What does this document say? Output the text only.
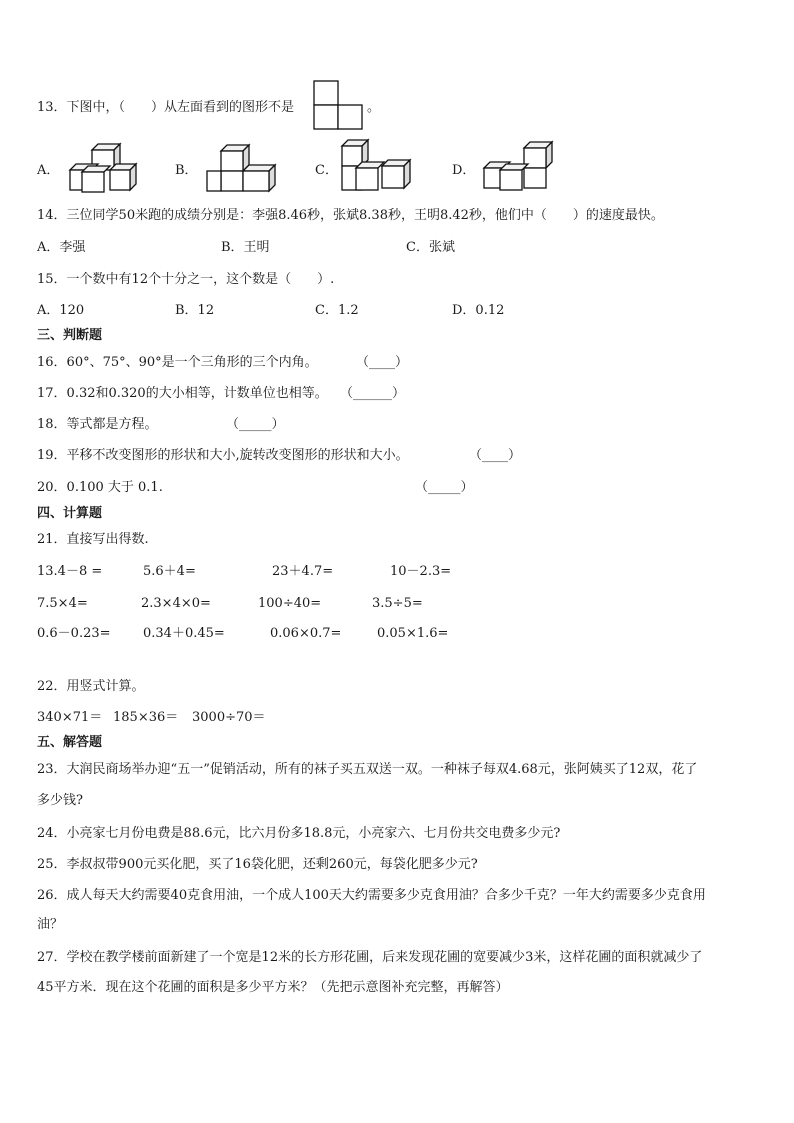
13．下图中，（　　）从左面看到的图形不是	。
A．	B．	C．	D．
14．三位同学50米跑的成绩分别是：李强8.46秒，张斌8.38秒，王明8.42秒，他们中（　　）的速度最快。
A．李强	B．王明	C．张斌
15．一个数中有12个十分之一，这个数是（　　）.
A．120	B．12	C．1.2	D．0.12
三、判断题
16．60°、75°、90°是一个三角形的三个内角。	（____）
17．0.32和0.320的大小相等，计数单位也相等。 （______）
18．等式都是方程。	（_____）
19．平移不改变图形的形状和大小,旋转改变图形的形状和大小。	（____）
20．0.100 大于 0.1.	（_____）
四、计算题
21．直接写出得数.
13.4－8 =	5.6＋4=	23＋4.7=	10－2.3=
7.5×4=	2.3×4×0=	100÷40=	3.5÷5=
0.6－0.23= 0.34＋0.45=	0.06×0.7=	0.05×1.6=
22．用竖式计算。
340×71＝ 185×36＝ 3000÷70＝
五、解答题
23．大润民商场举办迎“五一”促销活动，所有的袜子买五双送一双。一种袜子每双4.68元，张阿姨买了12双，花了
多少钱?
24．小亮家七月份电费是88.6元，比六月份多18.8元，小亮家六、七月份共交电费多少元?
25．李叔叔带900元买化肥，买了16袋化肥，还剩260元，每袋化肥多少元?
26．成人每天大约需要40克食用油，一个成人100天大约需要多少克食用油？合多少千克？一年大约需要多少克食用
油？
27．学校在教学楼前面新建了一个宽是12米的长方形花圃，后来发现花圃的宽要减少3米，这样花圃的面积就减少了
45平方米．现在这个花圃的面积是多少平方米？（先把示意图补充完整，再解答）
